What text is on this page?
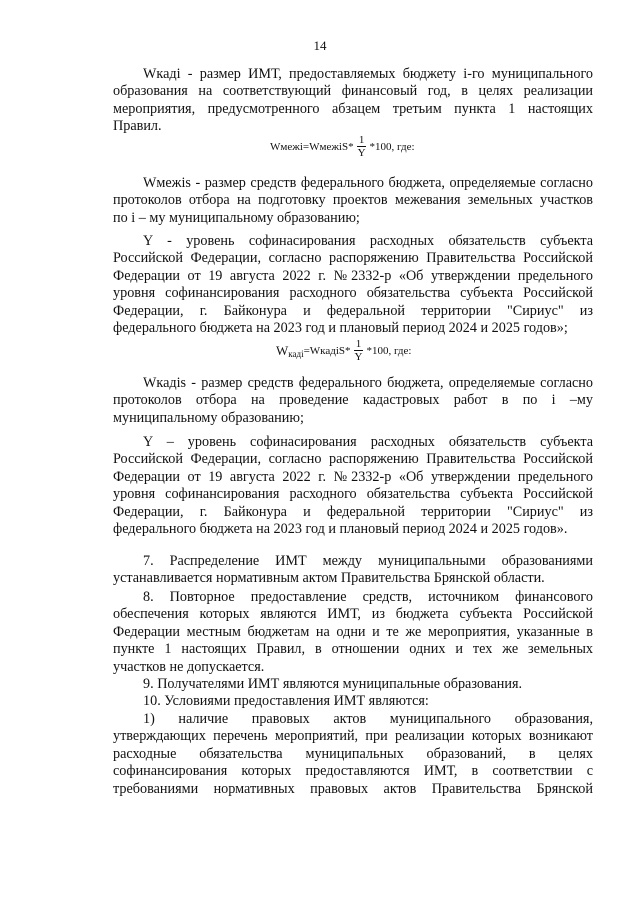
14
Wкаді - размер ИМТ, предоставляемых бюджету i-го муниципального
образования на соответствующий финансовый год, в целях реализации
мероприятия, предусмотренного абзацем третьим пункта 1 настоящих
Правил.
Wмежі =WмежіS* $\frac{1}{Y} *100$, где:
Wмежіѕ - размер средств федерального бюджета, определяемые согласно
протоколов отбора на подготовку проектов межевания земельных участков
по і – му муниципальному образованию;
Y - уровень софинасирования расходных обязательств субъекта
Российской Федерации, согласно распоряжению Правительства Российской
Федерации от 19 августа 2022 г. №2332-р «Об утверждении предельного
уровня софинансирования расходного обязательства субъекта Российской
Федерации, г. Байконура и федеральной территории "Сириус" из
федерального бюджета на 2023 год и плановый период 2024 и 2025 годов»;
W каді =WкадіS* $\frac{1}{Y} *100$, где:
Wкадіѕ - размер средств федерального бюджета, определяемые согласно
протоколов отбора на проведение кадастровых работ в по і –му
муниципальному образованию;
Y – уровень софинасирования расходных обязательств субъекта
Российской Федерации, согласно распоряжению Правительства Российской
Федерации от 19 августа 2022 г. №2332-р «Об утверждении предельного
уровня софинансирования расходного обязательства субъекта Российской
Федерации, г. Байконура и федеральной территории "Сириус" из
федерального бюджета на 2023 год и плановый период 2024 и 2025 годов».
7. Распределение ИМТ между муниципальными образованиями
устанавливается нормативным актом Правительства Брянской области.
8. Повторное предоставление средств, источником финансового
обеспечения которых являются ИМТ, из бюджета субъекта Российской
Федерации местным бюджетам на одни и те же мероприятия, указанные в
пункте 1 настоящих Правил, в отношении одних и тех же земельных
участков не допускается.
9. Получателями ИМТ являются муниципальные образования.
10. Условиями предоставления ИМТ являются:
1) наличие правовых актов муниципального образования,
утверждающих перечень мероприятий, при реализации которых возникают
расходные обязательства муниципальных образований, в целях
софинансирования которых предоставляются ИМТ, в соответствии с
требованиями нормативных правовых актов Правительства Брянской
